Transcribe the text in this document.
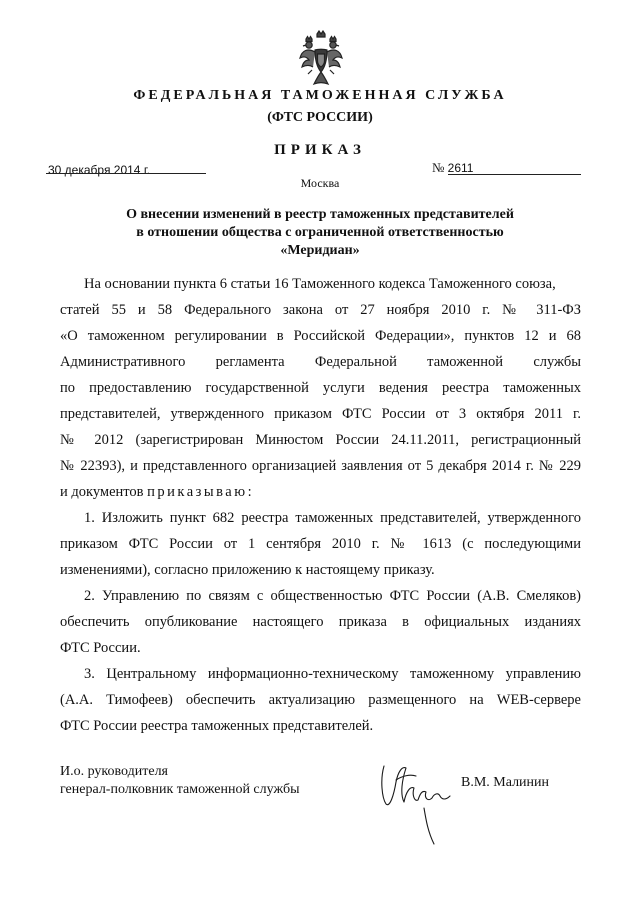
ФЕДЕРАЛЬНАЯ ТАМОЖЕННАЯ СЛУЖБА
(ФТС РОССИИ)
ПРИКАЗ
30 декабря 2014 г.	№ 2611
Москва
О внесении изменений в реестр таможенных представителей
в отношении общества с ограниченной ответственностью
«Меридиан»
На основании пункта 6 статьи 16 Таможенного кодекса Таможенного союза,
статей 55 и 58 Федерального закона от 27 ноября 2010 г. № 311-ФЗ
«О таможенном регулировании в Российской Федерации», пунктов 12 и 68
Административного регламента Федеральной таможенной службы
по предоставлению государственной услуги ведения реестра таможенных
представителей, утвержденного приказом ФТС России от 3 октября 2011 г.
№ 2012 (зарегистрирован Минюстом России 24.11.2011, регистрационный
№ 22393), и представленного организацией заявления от 5 декабря 2014 г. № 229
и документов приказываю:
1. Изложить пункт 682 реестра таможенных представителей, утвержденного
приказом ФТС России от 1 сентября 2010 г. № 1613 (с последующими
изменениями), согласно приложению к настоящему приказу.
2. Управлению по связям с общественностью ФТС России (А.В. Смеляков)
обеспечить опубликование настоящего приказа в официальных изданиях
ФТС России.
3. Центральному информационно-техническому таможенному управлению
(А.А. Тимофеев) обеспечить актуализацию размещенного на WEB-сервере
ФТС России реестра таможенных представителей.
И.о. руководителя
генерал-полковник таможенной службы	В.М. Малинин
